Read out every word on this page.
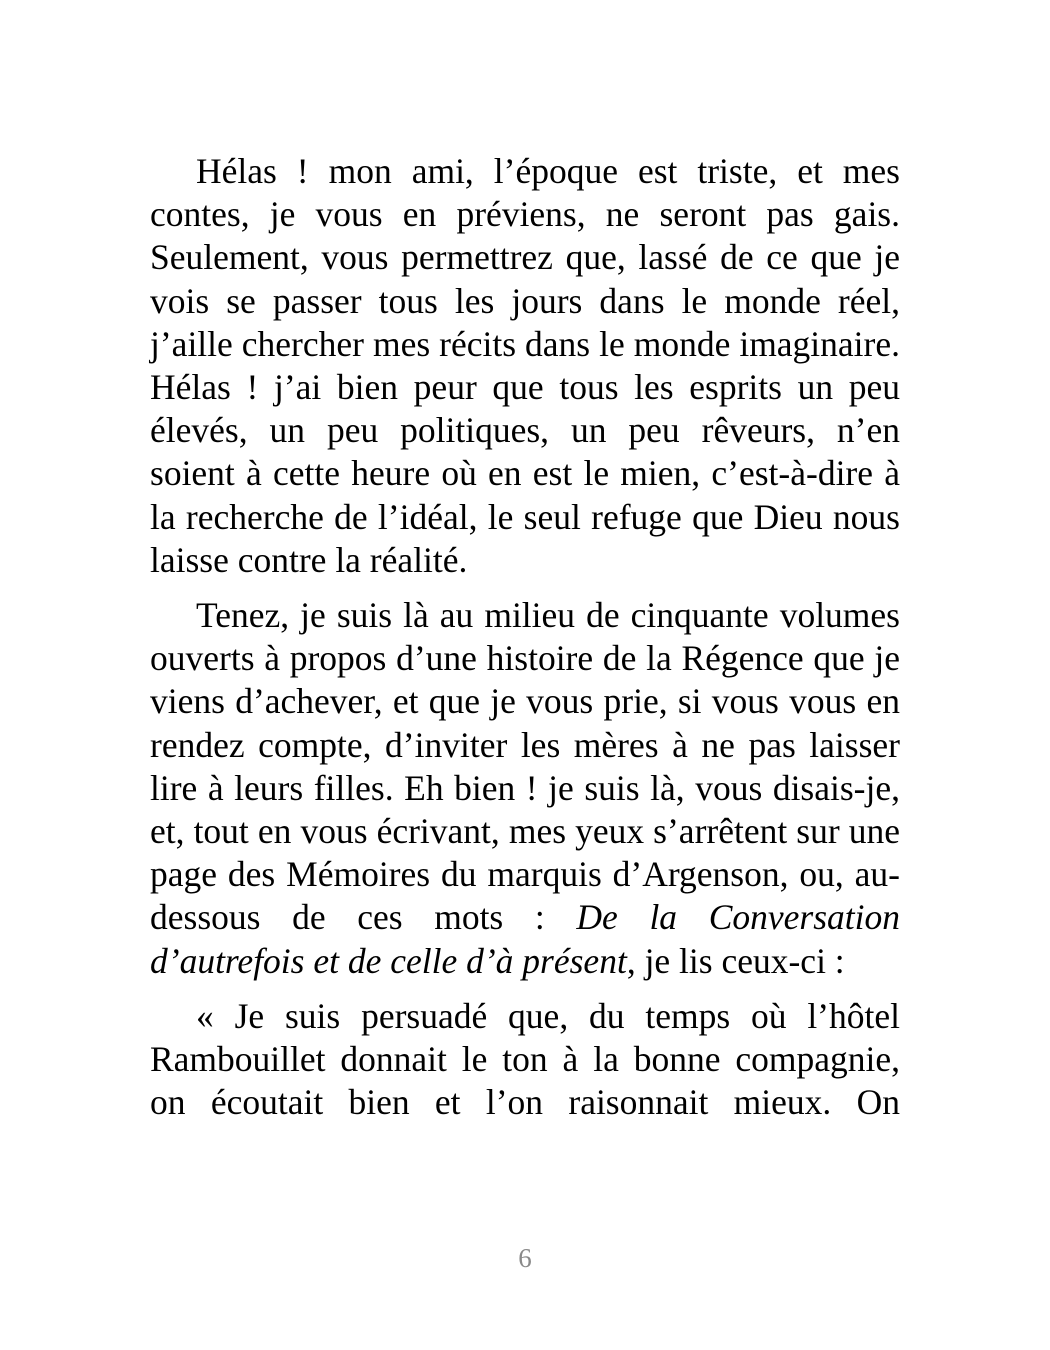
Hélas ! mon ami, l’époque est triste, et mes contes, je vous en préviens, ne seront pas gais. Seulement, vous permettrez que, lassé de ce que je vois se passer tous les jours dans le monde réel, j’aille chercher mes récits dans le monde imaginaire. Hélas ! j’ai bien peur que tous les esprits un peu élevés, un peu politiques, un peu rêveurs, n’en soient à cette heure où en est le mien, c’est-à-dire à la recherche de l’idéal, le seul refuge que Dieu nous laisse contre la réalité.

Tenez, je suis là au milieu de cinquante volumes ouverts à propos d’une histoire de la Régence que je viens d’achever, et que je vous prie, si vous vous en rendez compte, d’inviter les mères à ne pas laisser lire à leurs filles. Eh bien ! je suis là, vous disais-je, et, tout en vous écrivant, mes yeux s’arrêtent sur une page des Mémoires du marquis d’Argenson, ou, au- dessous de ces mots : De la Conversation d’autrefois et de celle d’à présent, je lis ceux-ci :

« Je suis persuadé que, du temps où l’hôtel Rambouillet donnait le ton à la bonne compagnie, on écoutait bien et l’on raisonnait mieux. On

6
